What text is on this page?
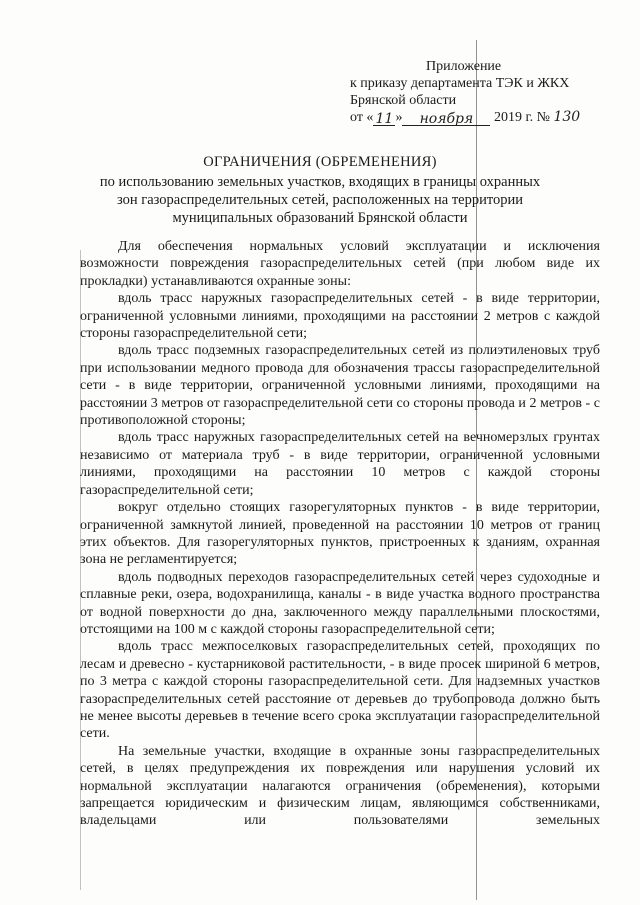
Приложение
к приказу департамента ТЭК и ЖКХ
Брянской области
от « 11 » ноября 2019 г. № 130
ОГРАНИЧЕНИЯ (ОБРЕМЕНЕНИЯ)
по использованию земельных участков, входящих в границы охранных
зон газораспределительных сетей, расположенных на территории
муниципальных образований Брянской области

Для обеспечения нормальных условий эксплуатации и исключения возможности повреждения газораспределительных сетей (при любом виде их прокладки) устанавливаются охранные зоны:

вдоль трасс наружных газораспределительных сетей - в виде территории, ограниченной условными линиями, проходящими на расстоянии 2 метров с каждой стороны газораспределительной сети;

вдоль трасс подземных газораспределительных сетей из полиэтиленовых труб при использовании медного провода для обозначения трассы газораспределительной сети - в виде территории, ограниченной условными линиями, проходящими на расстоянии 3 метров от газораспределительной сети со стороны провода и 2 метров - с противоположной стороны;

вдоль трасс наружных газораспределительных сетей на вечномерзлых грунтах независимо от материала труб - в виде территории, ограниченной условными линиями, проходящими на расстоянии 10 метров с каждой стороны газораспределительной сети;

вокруг отдельно стоящих газорегуляторных пунктов - в виде территории, ограниченной замкнутой линией, проведенной на расстоянии 10 метров от границ этих объектов. Для газорегуляторных пунктов, пристроенных к зданиям, охранная зона не регламентируется;

вдоль подводных переходов газораспределительных сетей через судоходные и сплавные реки, озера, водохранилища, каналы - в виде участка водного пространства от водной поверхности до дна, заключенного между параллельными плоскостями, отстоящими на 100 м с каждой стороны газораспределительной сети;

вдоль трасс межпоселковых газораспределительных сетей, проходящих по лесам и древесно - кустарниковой растительности, - в виде просек шириной 6 метров, по 3 метра с каждой стороны газораспределительной сети. Для надземных участков газораспределительных сетей расстояние от деревьев до трубопровода должно быть не менее высоты деревьев в течение всего срока эксплуатации газораспределительной сети.

На земельные участки, входящие в охранные зоны газораспределительных сетей, в целях предупреждения их повреждения или нарушения условий их нормальной эксплуатации налагаются ограничения (обременения), которыми запрещается юридическим и физическим лицам, являющимся собственниками, владельцами или пользователями земельных
